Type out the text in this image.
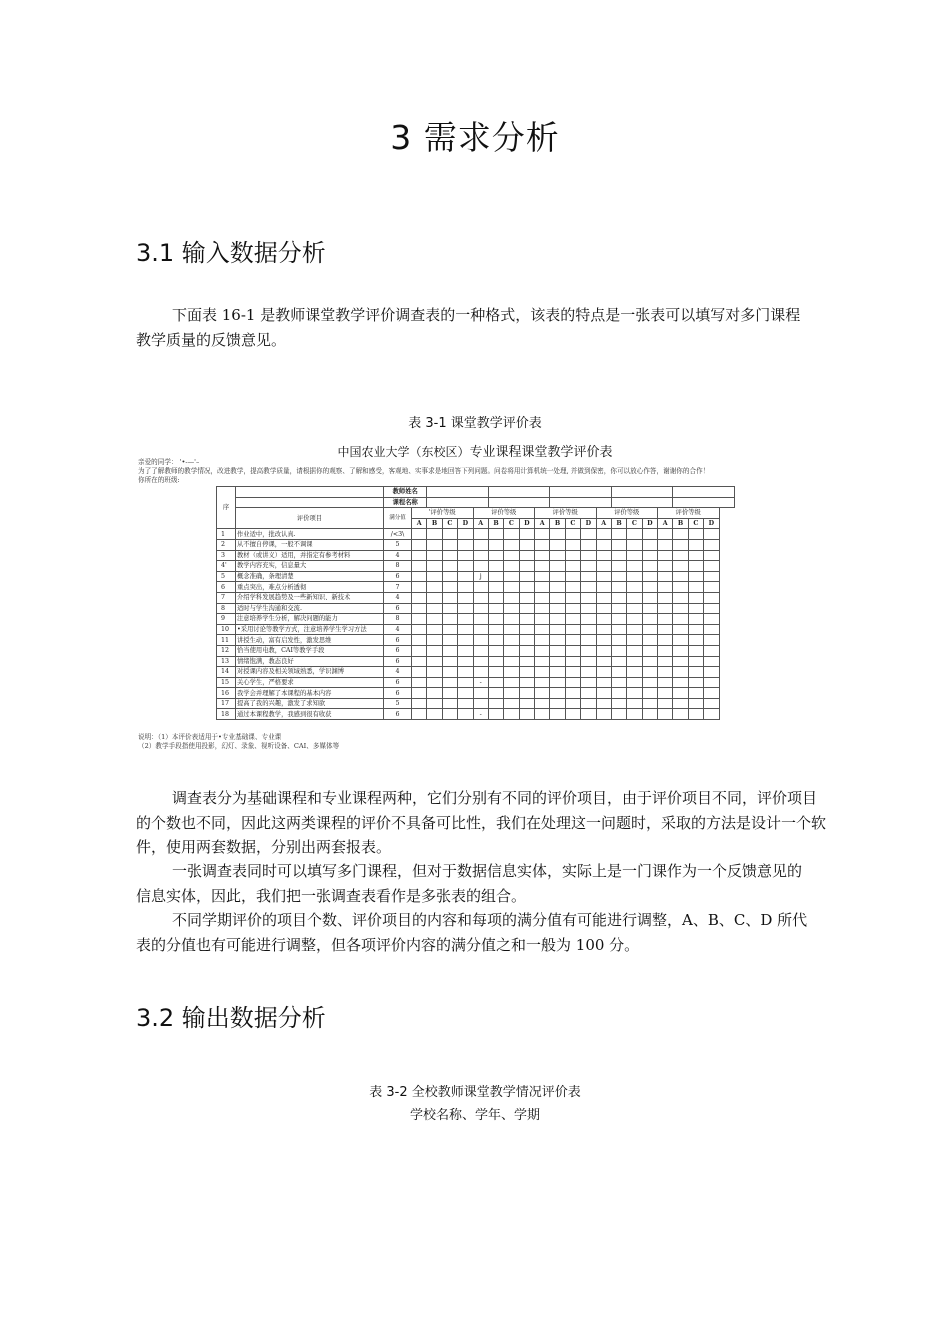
3 需求分析
3.1 输入数据分析
下面表 16-1 是教师课堂教学评价调查表的一种格式，该表的特点是一张表可以填写对多门课程教学质量的反馈意见。
表 3-1 课堂教学评价表
中国农业大学（东校区）专业课程课堂教学评价表
亲爱的同学： '•-—'–
为了了解教师的教学情况，改进教学，提高教学质量，请根据你的观察、了解和感受，客观地、实事求是地回答下列问题。问卷将用计算机统一处理, 并做到保密，你可以放心作答，谢谢你的合作！
你所在的班级:
序		教师姓名																				
		课程名称																				
	评价项目	满分值	'评价等级				评价等级				评价等级				评价等级				评价等级			
			A	B	C	D	A	B	C	D	A	B	C	D	A	B	C	D	A	B	C	D
1	作业适中，批改认真.	/<3\																				
2	从不擅自停课，一般不调课	5																				
3	教材（或讲义）适用，并指定有参考材料	4																				
4'	教学内容充实，信息量大	8																				
5	概念准确，条理清楚	6					j															
6	重点突出，难点分析透彻	7																				
7	介绍学科发展趋势及一些新知识、新技术	4																				
8	适时与学生沟通和交流.	6																				
9	注意培养学生分析，解决问题的能力	8																				
10	•采用讨论等教学方式，注意培养学生学习方法	4																				
11	讲授生动，富有启发性，激发思维	6																				
12	恰当使用电教，CAI等教学手段	6																				
13	情绪饱满，教态良好	6																				
14	对授课内容及相关领域熟悉，学识渊博	4																				
15	关心学生，严格要求	6					-															
16	我学会并理解了本课程的基本内容	6																				
17	提高了我的兴趣，激发了求知欲	5																				
18	通过本课程教学，我感到很有收获	6					-															
说明：（1）本评价表适用于•专业基础课、专业课
（2）教学手段指使用投影，幻灯、录象、视听设备、CAI、多媒体等
调查表分为基础课程和专业课程两种，它们分别有不同的评价项目，由于评价项目不同，评价项目的个数也不同，因此这两类课程的评价不具备可比性，我们在处理这一问题时，采取的方法是设计一个软件，使用两套数据，分别出两套报表。
一张调查表同时可以填写多门课程，但对于数据信息实体，实际上是一门课作为一个反馈意见的信息实体，因此，我们把一张调查表看作是多张表的组合。
不同学期评价的项目个数、评价项目的内容和每项的满分值有可能进行调整，A、B、C、D 所代表的分值也有可能进行调整，但各项评价内容的满分值之和一般为 100 分。
3.2 输出数据分析
表 3-2 全校教师课堂教学情况评价表
学校名称、学年、学期
